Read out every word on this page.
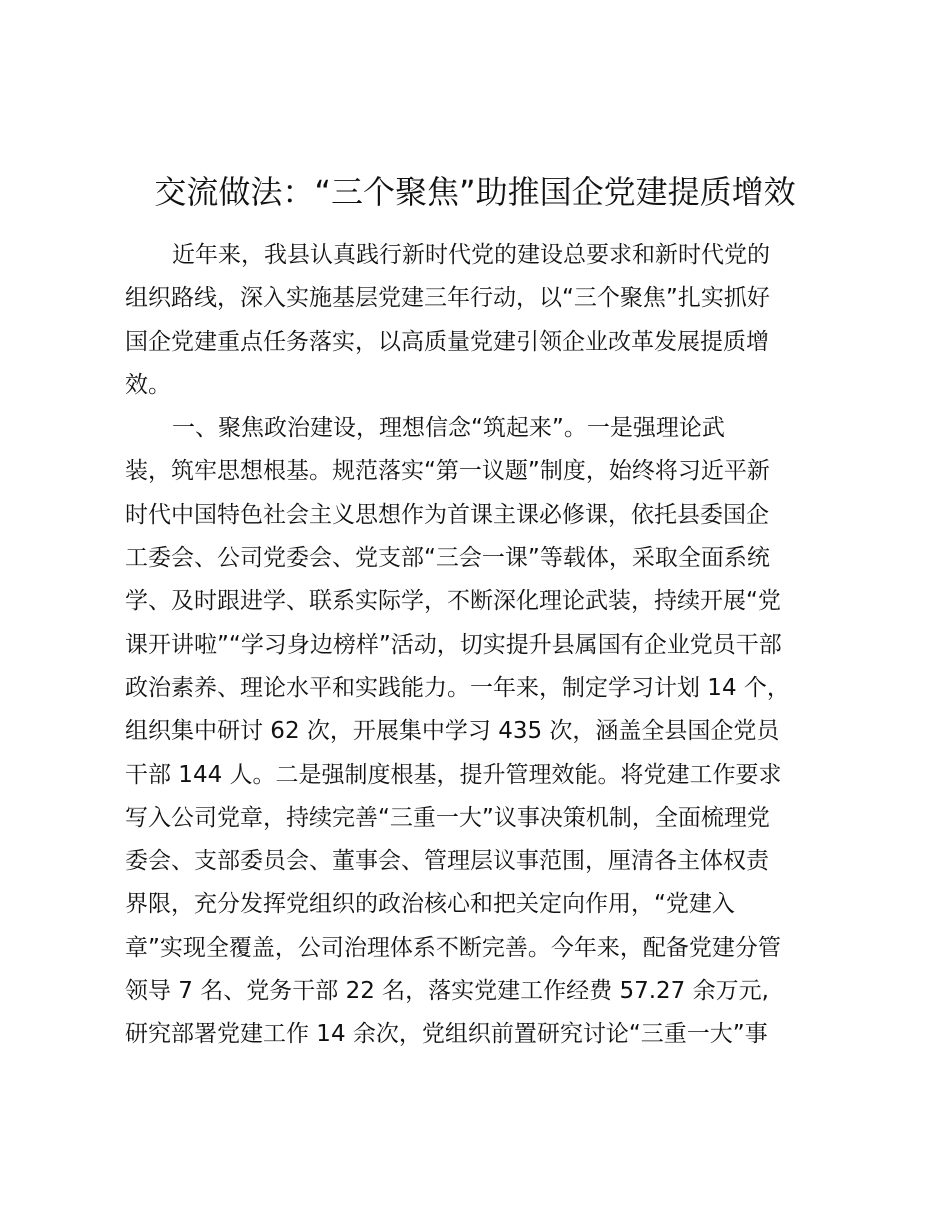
交流做法：“三个聚焦”助推国企党建提质增效
近年来，我县认真践行新时代党的建设总要求和新时代党的
组织路线，深入实施基层党建三年行动，以“三个聚焦”扎实抓好
国企党建重点任务落实，以高质量党建引领企业改革发展提质增
效。
一、聚焦政治建设，理想信念“筑起来”。一是强理论武
装，筑牢思想根基。规范落实“第一议题”制度，始终将习近平新
时代中国特色社会主义思想作为首课主课必修课，依托县委国企
工委会、公司党委会、党支部“三会一课”等载体，采取全面系统
学、及时跟进学、联系实际学，不断深化理论武装，持续开展“党
课开讲啦”“学习身边榜样”活动，切实提升县属国有企业党员干部
政治素养、理论水平和实践能力。一年来，制定学习计划 14 个，
组织集中研讨 62 次，开展集中学习 435 次，涵盖全县国企党员
干部 144 人。二是强制度根基，提升管理效能。将党建工作要求
写入公司党章，持续完善“三重一大”议事决策机制，全面梳理党
委会、支部委员会、董事会、管理层议事范围，厘清各主体权责
界限，充分发挥党组织的政治核心和把关定向作用，“党建入
章”实现全覆盖，公司治理体系不断完善。今年来，配备党建分管
领导 7 名、党务干部 22 名，落实党建工作经费 57.27 余万元,
研究部署党建工作 14 余次，党组织前置研究讨论“三重一大”事
